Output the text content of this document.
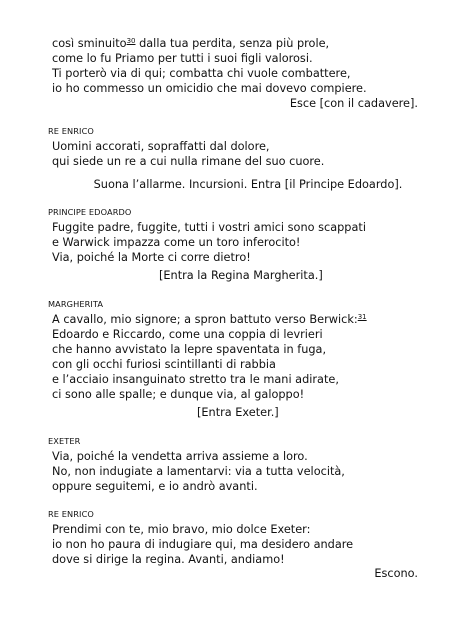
così sminuito$^{30}$ dalla tua perdita, senza più prole,
come lo fu Priamo per tutti i suoi figli valorosi.
Ti porterò via di qui; combatta chi vuole combattere,
io ho commesso un omicidio che mai dovevo compiere.
Esce [con il cadavere].
RE ENRICO
Uomini accorati, sopraffatti dal dolore,
qui siede un re a cui nulla rimane del suo cuore.
Suona l’allarme. Incursioni. Entra [il Principe Edoardo].
PRINCIPE EDOARDO
Fuggite padre, fuggite, tutti i vostri amici sono scappati
e Warwick impazza come un toro inferocito!
Via, poiché la Morte ci corre dietro!
[Entra la Regina Margherita.]
MARGHERITA
A cavallo, mio signore; a spron battuto verso Berwick:$^{31}$
Edoardo e Riccardo, come una coppia di levrieri
che hanno avvistato la lepre spaventata in fuga,
con gli occhi furiosi scintillanti di rabbia
e l’acciaio insanguinato stretto tra le mani adirate,
ci sono alle spalle; e dunque via, al galoppo!
[Entra Exeter.]
EXETER
Via, poiché la vendetta arriva assieme a loro.
No, non indugiate a lamentarvi: via a tutta velocità,
oppure seguitemi, e io andrò avanti.
RE ENRICO
Prendimi con te, mio bravo, mio dolce Exeter:
io non ho paura di indugiare qui, ma desidero andare
dove si dirige la regina. Avanti, andiamo!
Escono.
